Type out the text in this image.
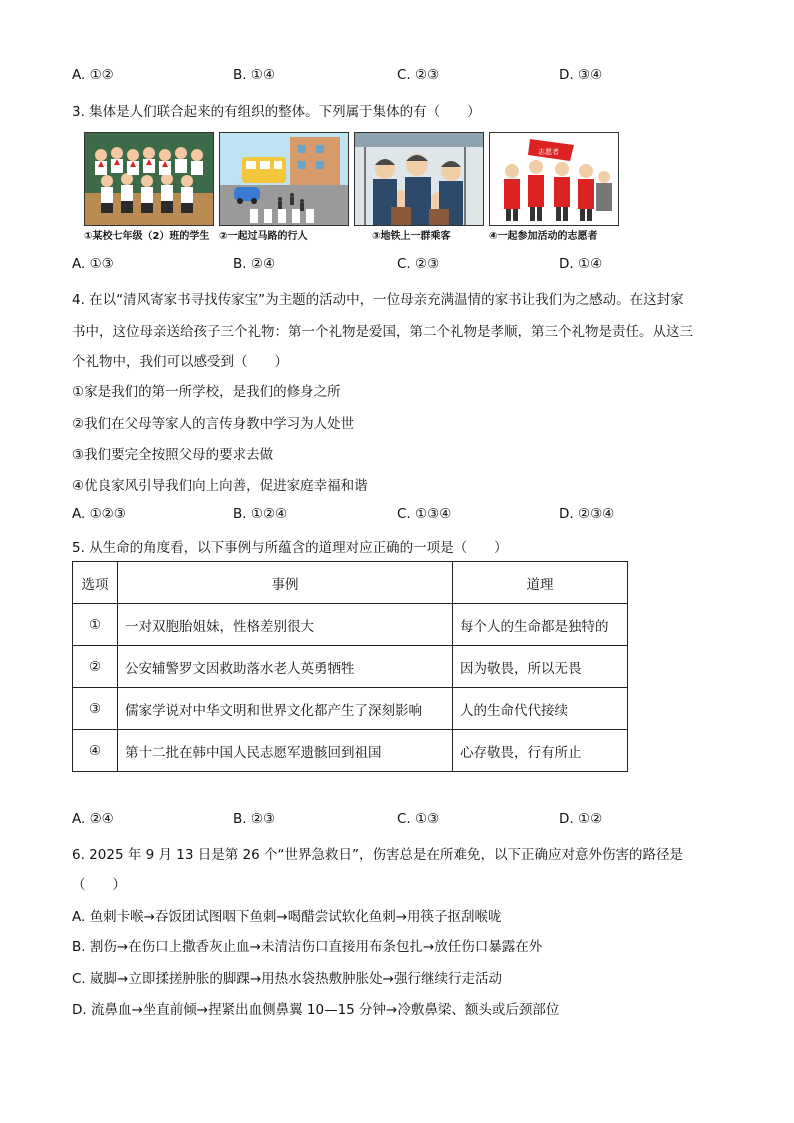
A. ①②	B. ①④	C. ②③	D. ③④
3. 集体是人们联合起来的有组织的整体。下列属于集体的有（　　）
志愿者
①某校七年级（2）班的学生 ②一起过马路的行人	③地铁上一群乘客	④一起参加活动的志愿者
A. ①③	B. ②④	C. ②③	D. ①④
4. 在以“清风寄家书寻找传家宝”为主题的活动中，一位母亲充满温情的家书让我们为之感动。在这封家
书中，这位母亲送给孩子三个礼物：第一个礼物是爱国，第二个礼物是孝顺，第三个礼物是责任。从这三
个礼物中，我们可以感受到（　　）
①家是我们的第一所学校，是我们的修身之所
②我们在父母等家人的言传身教中学习为人处世
③我们要完全按照父母的要求去做
④优良家风引导我们向上向善，促进家庭幸福和谐
A. ①②③	B. ①②④	C. ①③④	D. ②③④
5. 从生命的角度看，以下事例与所蕴含的道理对应正确的一项是（　　）
选项	事例	道理
①	一对双胞胎姐妹，性格差别很大	每个人的生命都是独特的
②	公安辅警罗文因救助落水老人英勇牺牲	因为敬畏，所以无畏
③	儒家学说对中华文明和世界文化都产生了深刻影响	人的生命代代接续
④	第十二批在韩中国人民志愿军遗骸回到祖国	心存敬畏，行有所止
A. ②④	B. ②③	C. ①③	D. ①②
6. 2025 年 9 月 13 日是第 26 个“世界急救日”，伤害总是在所难免，以下正确应对意外伤害的路径是
（　　）
A. 鱼刺卡喉→吞饭团试图咽下鱼刺→喝醋尝试软化鱼刺→用筷子抠刮喉咙
B. 割伤→在伤口上撒香灰止血→未清洁伤口直接用布条包扎→放任伤口暴露在外
C. 崴脚→立即揉搓肿胀的脚踝→用热水袋热敷肿胀处→强行继续行走活动
D. 流鼻血→坐直前倾→捏紧出血侧鼻翼 10—15 分钟→冷敷鼻梁、额头或后颈部位
